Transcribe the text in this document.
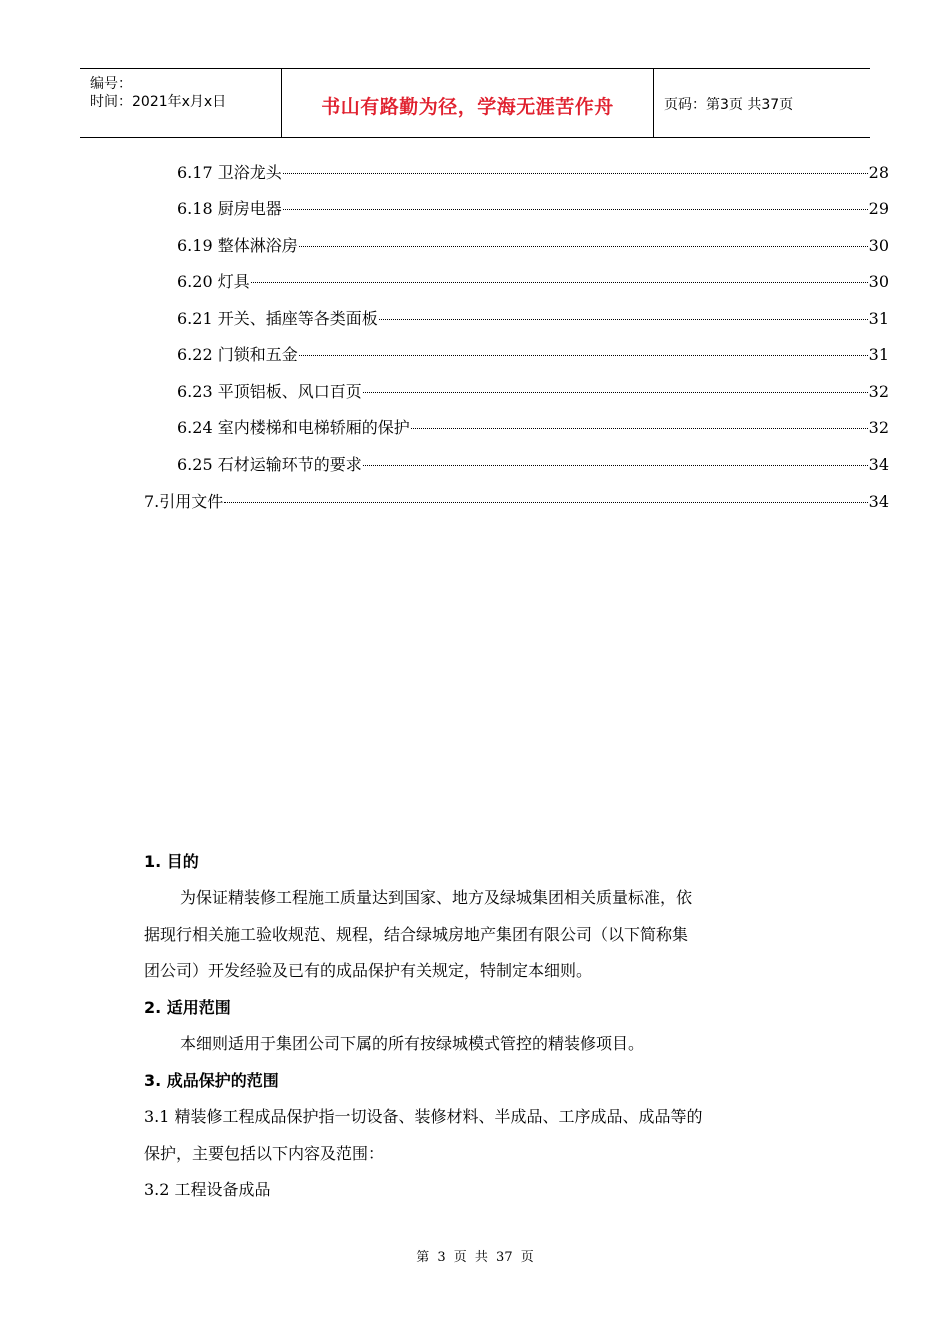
编号：
时间：2021年x月x日	书山有路勤为径，学海无涯苦作舟	页码：第3页 共37页
6.17 卫浴龙头	28
6.18 厨房电器	29
6.19 整体淋浴房	30
6.20 灯具	30
6.21 开关、插座等各类面板	31
6.22 门锁和五金	31
6.23 平顶铝板、风口百页	32
6.24 室内楼梯和电梯轿厢的保护	32
6.25 石材运输环节的要求	34
7.引用文件	34
1. 目的
为保证精装修工程施工质量达到国家、地方及绿城集团相关质量标准，依
据现行相关施工验收规范、规程，结合绿城房地产集团有限公司（以下简称集
团公司）开发经验及已有的成品保护有关规定，特制定本细则。
2. 适用范围
本细则适用于集团公司下属的所有按绿城模式管控的精装修项目。
3. 成品保护的范围
3.1 精装修工程成品保护指一切设备、装修材料、半成品、工序成品、成品等的
保护，主要包括以下内容及范围：
3.2 工程设备成品
第 3 页 共 37 页
